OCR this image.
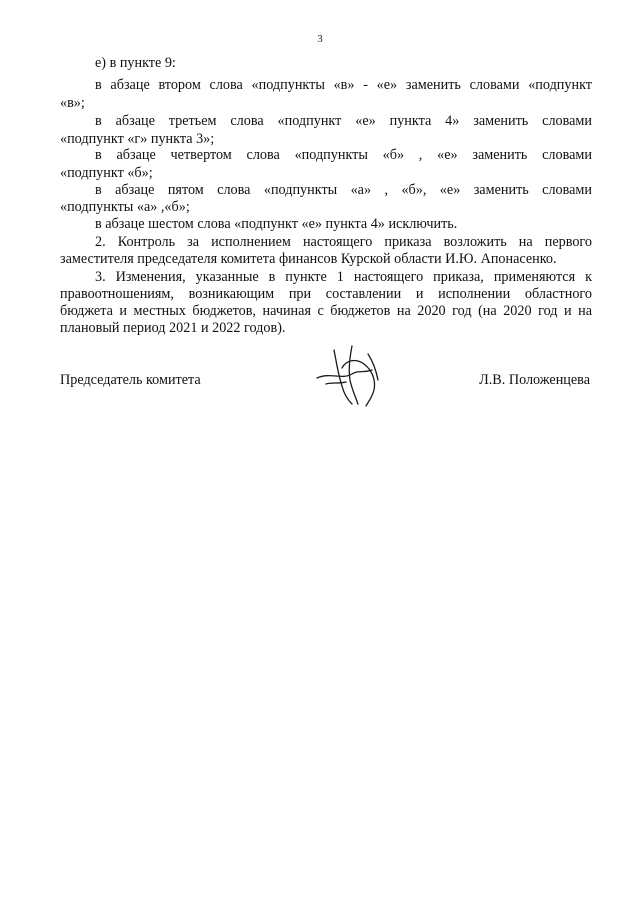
3
е) в пункте 9:
в абзаце втором слова «подпункты «в» - «е» заменить словами «подпункт
«в»;
в абзаце третьем слова «подпункт «е» пункта 4» заменить словами
«подпункт «г» пункта 3»;
в абзаце четвертом слова «подпункты «б» , «е» заменить словами
«подпункт «б»;
в абзаце пятом слова «подпункты «а» , «б», «е» заменить словами
«подпункты «а» ,«б»;
в абзаце шестом слова «подпункт «е» пункта 4» исключить.
2. Контроль за исполнением настоящего приказа возложить на первого
заместителя председателя комитета финансов Курской области И.Ю. Апонасенко.
3. Изменения, указанные в пункте 1 настоящего приказа, применяются к
правоотношениям, возникающим при составлении и исполнении областного
бюджета и местных бюджетов, начиная с бюджетов на 2020 год (на 2020 год и на
плановый период 2021 и 2022 годов).
Председатель комитета	Л.В. Положенцева
